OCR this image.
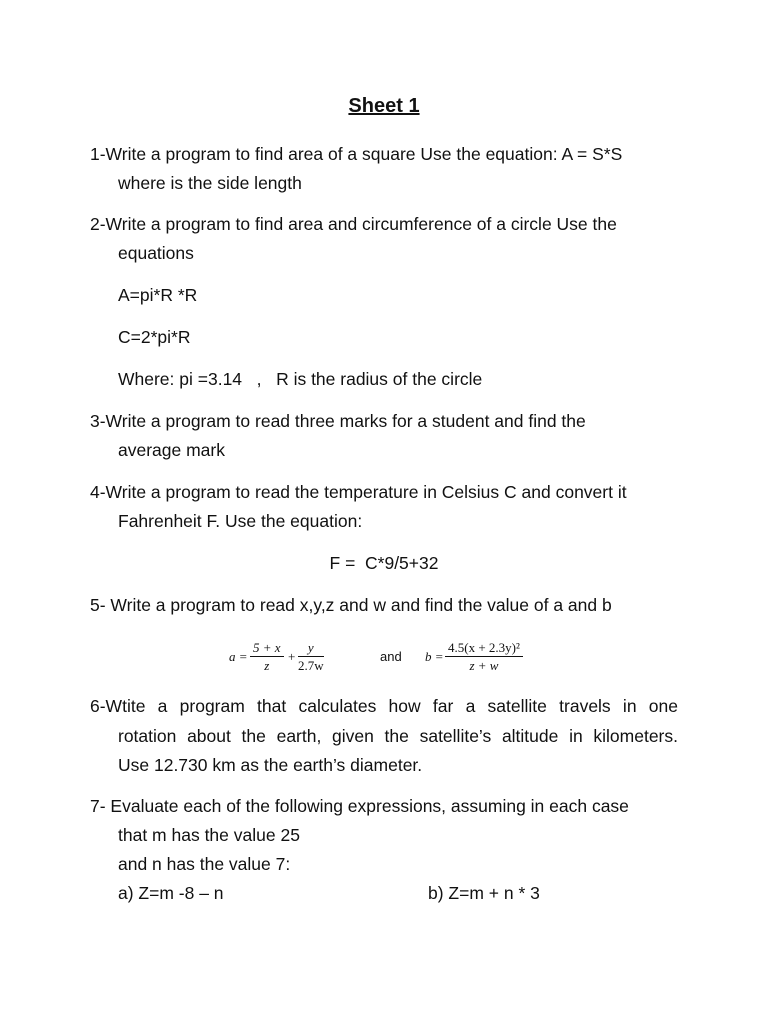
Sheet 1
1-Write a program to find area of a square Use the equation: A = S*S
where is the side length
2-Write a program to find area and circumference of a circle Use the
equations
A=pi*R *R
C=2*pi*R
Where: pi =3.14   ,   R is the radius of the circle
3-Write a program to read three marks for a student and find the
average mark
4-Write a program to read the temperature in Celsius C and convert it
Fahrenheit F. Use the equation:
F =  C*9/5+32
5- Write a program to read x,y,z and w and find the value of a and b
$a = \frac{5 + x}{z} + \frac{y}{2.7w}$	and $b = \frac{\text{4.5(x + 2.3y)²}}{z + w}$
6-Wtite a program that calculates how far a satellite travels in one
rotation about the earth, given the satellite’s altitude in kilometers.
Use 12.730 km as the earth’s diameter.
7- Evaluate each of the following expressions, assuming in each case
that m has the value 25
and n has the value 7:
a) Z=m -8 – n	b) Z=m + n * 3
